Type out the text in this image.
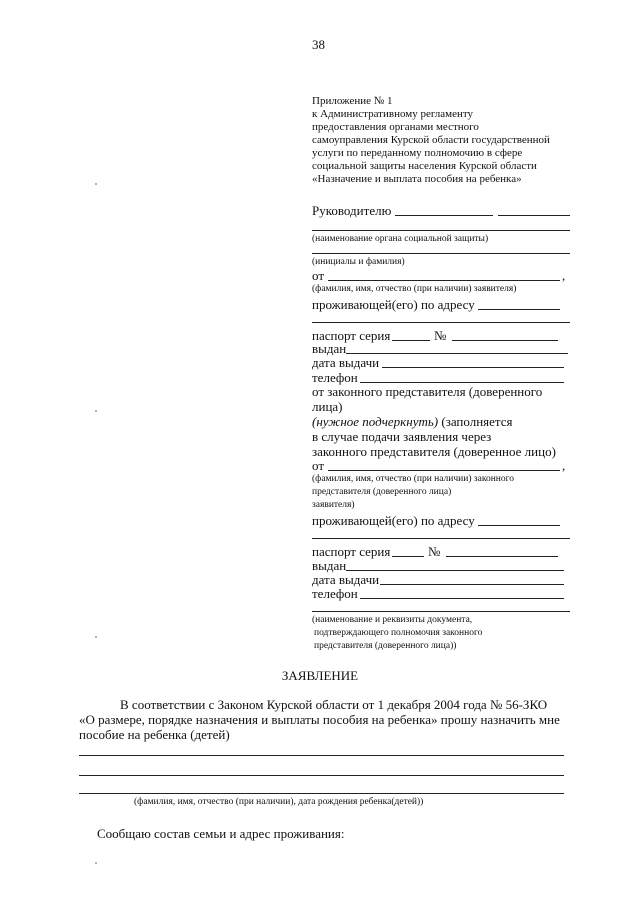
38
Приложение № 1
к Административному регламенту
предоставления органами местного
самоуправления Курской области государственной
услуги по переданному полномочию в сфере
социальной защиты населения Курской области
«Назначение и выплата пособия на ребенка»
Руководителю
(наименование органа социальной защиты)
(инициалы и фамилия)
от	,
(фамилия, имя, отчество (при наличии) заявителя)
проживающей(его) по адресу
паспорт серия	№
выдан
дата выдачи
телефон
от законного представителя (доверенного
лица)
(нужное подчеркнуть) (заполняется
в случае подачи заявления через
законного представителя (доверенное лицо)
от	,
(фамилия, имя, отчество (при наличии) законного
представителя (доверенного лица)
заявителя)
проживающей(его) по адресу
паспорт серия	№
выдан
дата выдачи
телефон
(наименование и реквизиты документа,
подтверждающего полномочия законного
представителя (доверенного лица))
ЗАЯВЛЕНИЕ
В соответствии с Законом Курской области от 1 декабря 2004 года № 56-ЗКО
«О размере, порядке назначения и выплаты пособия на ребенка» прошу назначить мне
пособие на ребенка (детей)
(фамилия, имя, отчество (при наличии), дата рождения ребенка(детей))
Сообщаю состав семьи и адрес проживания:
